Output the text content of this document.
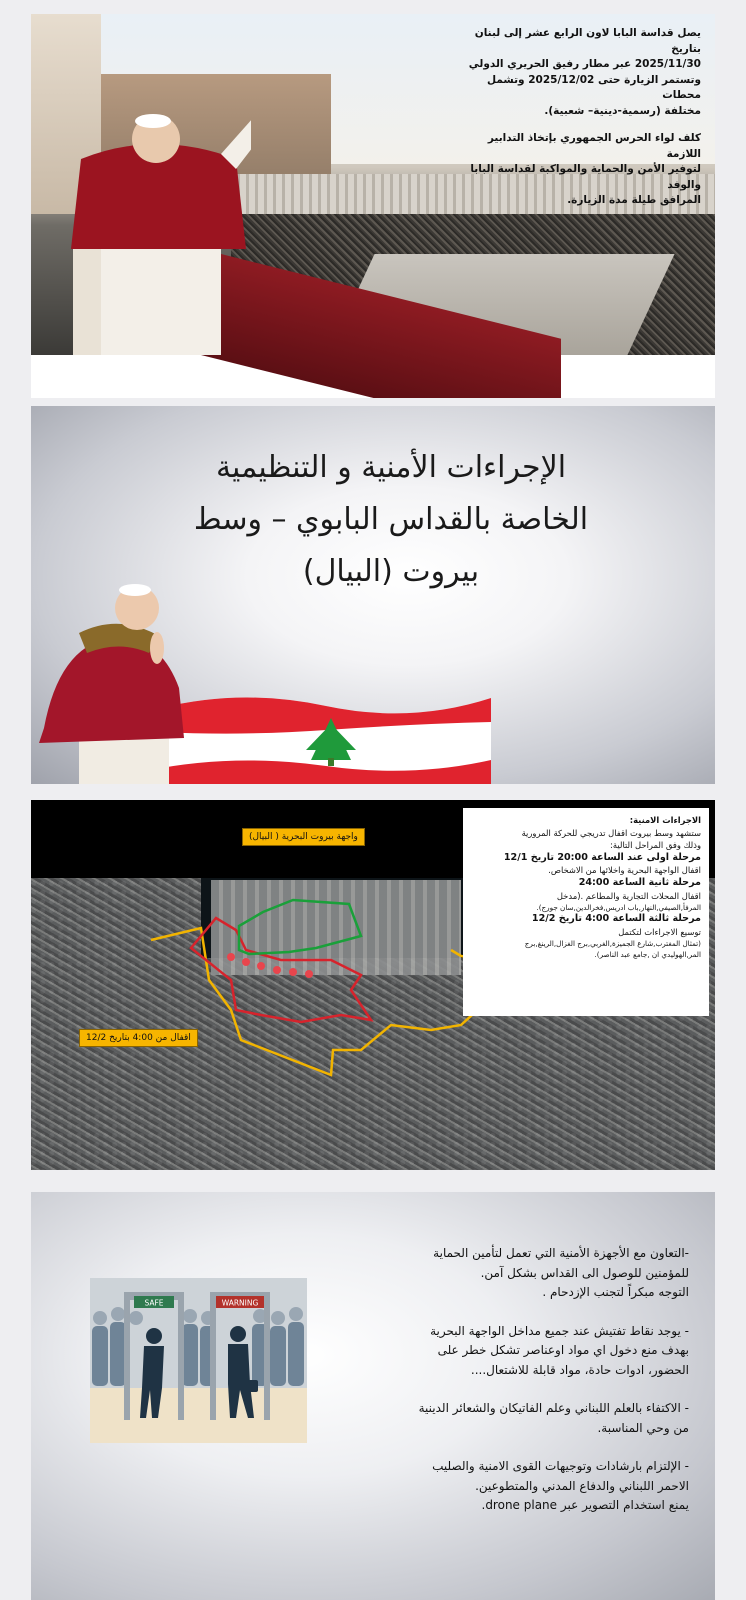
يصل قداسة البابا لاون الرابع عشر إلى لبنان بتاريخ
2025/11/30 عبر مطار رفيق الحريري الدولي
وتستمر الزيارة حتى 2025/12/02 وتشمل محطات
مختلفة (رسمية-دينية– شعبية).

كلف لواء الحرس الجمهوري بإتخاذ التدابير اللازمة
لتوفير الأمن والحماية والمواكبة لقداسة البابا والوفد
المرافق طيلة مدة الزيارة.

الإجراءات الأمنية و التنظيمية
الخاصة بالقداس البابوي – وسط
بيروت (البيال)
واجهة بيروت البحرية ( البيال)
اقفال من 4:00 بتاريخ 12/2
الاجراءات الامنية:
ستشهد وسط بيروت اقفال تدريجي للحركة المرورية
وذلك وفق المراحل التالية:
مرحلة اولى عند الساعة 20:00 تاريخ 12/1
اقفال الواجهة البحرية واخلائها من الاشخاص.
مرحلة ثانية الساعة 24:00
اقفال المحلات التجارية والمطاعم .(مدخل
المرفأ,الصيفي,النهار,باب ادريس,فخرالدين,سان جورج).
مرحلة ثالثة الساعة 4:00 تاريخ 12/2
توسيع الاجراءات لتكتمل
(تمثال المغترب,شارع الجميزة,الغربي,برج الغزال,الرينغ,برج
المر,الهوليدي ان ,جامع عبد الناصر).
SAFE	WARNING

-التعاون مع الأجهزة الأمنية التي تعمل لتأمين الحماية
للمؤمنين للوصول الى القداس بشكل آمن.
التوجه مبكراً لتجنب الإزدحام .

- يوجد نقاط تفتيش عند جميع مداخل الواجهة البحرية
بهدف منع دخول اي مواد اوعناصر تشكل خطر على
الحضور، ادوات حادة، مواد قابلة للاشتعال....

- الاكتفاء بالعلم اللبناني وعلم الفاتيكان والشعائر الدينية
من وحي المناسبة.

- الإلتزام بارشادات وتوجيهات القوى الامنية والصليب
الاحمر اللبناني والدفاع المدني والمتطوعين.
يمنع استخدام التصوير عبر drone plane.
